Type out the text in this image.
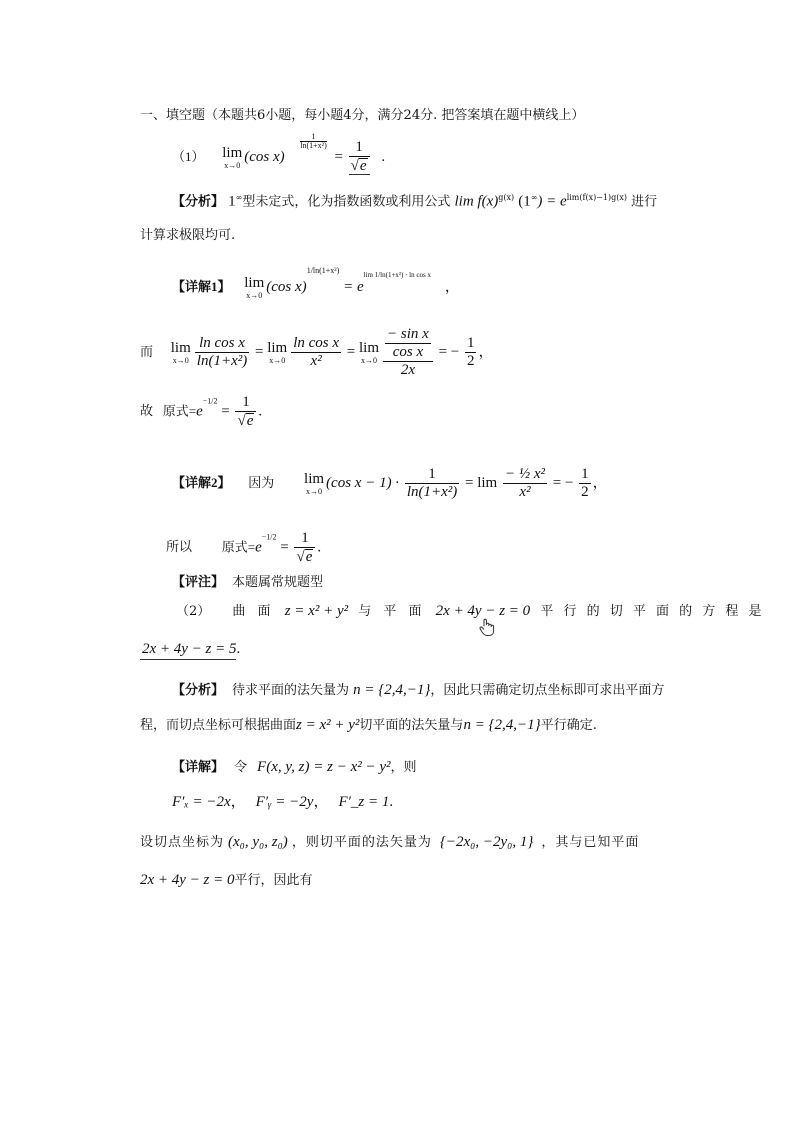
一、填空题（本题共6小题，每小题4分，满分24分. 把答案填在题中横线上）
（1） lim
x→0
(cos x)
$\frac{1}{\text{ln(1+x²)}}$
= $\frac{1}{√e}$ .
【分析】 1∞型未定式，化为指数函数或利用公式 $\lim f(x)^{g(x)}$ $(1^\infty) = e^{lim(f(x)-1)g(x)}$ 进行
计算求极限均可.
【详解1】 lim
x→0
(cos $x)^{1/ln(1+x^2)} = e^{lim 1/ln(1+x^2) \cdot ln cos x}$ ，
而 lim
$x\to 0 \frac{\text{ln cos x}}{\text{ln(1+x²)}} = \lim$
$x\to 0 \frac{\text{ln cos x}}{\text{x²}} = \lim$
$x\to 0 \frac{\frac{\text{− sin x}}{\text{cos x}}}{2x}$ = − $\frac{1}{2}$ ，
故 原式$=e^{-1/2} = \frac{1}{√e}$ .
【详解2】 因为 lim
x→0
(cos $x - 1) \cdot \frac{1}{\text{ln(1+x²)}} = \lim \frac{\text{− ½ x²}}{\text{x²}}$ = − $\frac{1}{2}$ ，
所以 原式$=e^{-1/2} = \frac{1}{√e}$ .
【评注】 本题属常规题型
（2） 曲 面 z = x² + y² 与 平 面 2x + 4y − z = 0 平 行 的 切 平 面 的 方 程 是
2x + 4y − z = 5.
【分析】 待求平面的法矢量为 n = {2,4,−1}，因此只需确定切点坐标即可求出平面方
程，而切点坐标可根据曲面z = x² + y²切平面的法矢量与n = {2,4,−1}平行确定.
【详解】 令 F(x, y, z) = z − x² − y²，则
F′ₓ = −2x， F′ᵧ = −2y， F′_z = 1.
设切点坐标为 (x₀, y₀, z₀) ，则切平面的法矢量为 {−2x₀, −2y₀, 1} ，其与已知平面
2x + 4y − z = 0平行，因此有
